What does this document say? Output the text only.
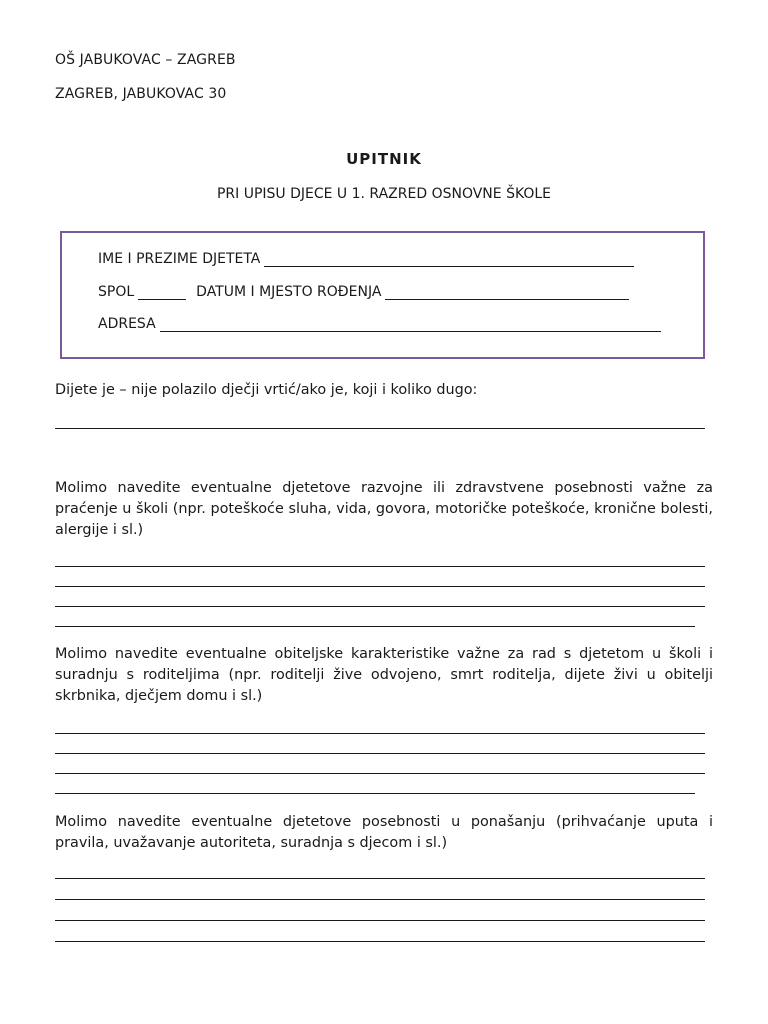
OŠ JABUKOVAC – ZAGREB
ZAGREB, JABUKOVAC 30
UPITNIK
PRI UPISU DJECE U 1. RAZRED OSNOVNE ŠKOLE
IME I PREZIME DJETETA
SPOL	DATUM I MJESTO ROĐENJA
ADRESA
Dijete je – nije polazilo dječji vrtić/ako je, koji i koliko dugo:
Molimo navedite eventualne djetetove razvojne ili zdravstvene posebnosti važne za praćenje u školi (npr. poteškoće sluha, vida, govora, motoričke poteškoće, kronične bolesti, alergije i sl.)
Molimo navedite eventualne obiteljske karakteristike važne za rad s djetetom u školi i suradnju s roditeljima (npr. roditelji žive odvojeno, smrt roditelja, dijete živi u obitelji skrbnika, dječjem domu i sl.)
Molimo navedite eventualne djetetove posebnosti u ponašanju (prihvaćanje uputa i pravila, uvažavanje autoriteta, suradnja s djecom i sl.)
